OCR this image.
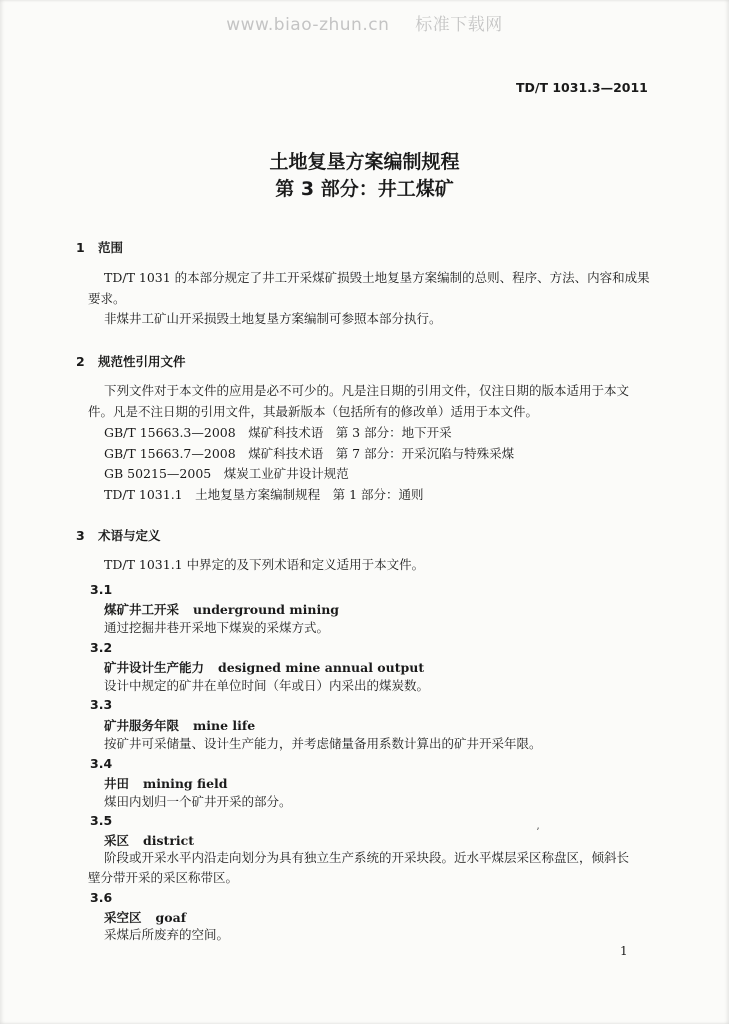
www.biao-zhun.cn 标准下载网
TD/T 1031.3—2011
土地复垦方案编制规程
第 3 部分：井工煤矿
1 范围
TD/T 1031 的本部分规定了井工开采煤矿损毁土地复垦方案编制的总则、程序、方法、内容和成果
要求。
非煤井工矿山开采损毁土地复垦方案编制可参照本部分执行。
2 规范性引用文件
下列文件对于本文件的应用是必不可少的。凡是注日期的引用文件，仅注日期的版本适用于本文
件。凡是不注日期的引用文件，其最新版本（包括所有的修改单）适用于本文件。
GB/T 15663.3—2008　煤矿科技术语　第 3 部分：地下开采
GB/T 15663.7—2008　煤矿科技术语　第 7 部分：开采沉陷与特殊采煤
GB 50215—2005　煤炭工业矿井设计规范
TD/T 1031.1　土地复垦方案编制规程　第 1 部分：通则
3 术语与定义
TD/T 1031.1 中界定的及下列术语和定义适用于本文件。
3.1
煤矿井工开采 underground mining
通过挖掘井巷开采地下煤炭的采煤方式。
3.2
矿井设计生产能力 designed mine annual output
设计中规定的矿井在单位时间（年或日）内采出的煤炭数。
3.3
矿井服务年限 mine life
按矿井可采储量、设计生产能力，并考虑储量备用系数计算出的矿井开采年限。
3.4
井田 mining field
煤田内划归一个矿井开采的部分。
3.5
采区 district
阶段或开采水平内沿走向划分为具有独立生产系统的开采块段。近水平煤层采区称盘区，倾斜长
壁分带开采的采区称带区。
ʼ
3.6
采空区 goaf
采煤后所废弃的空间。
1
